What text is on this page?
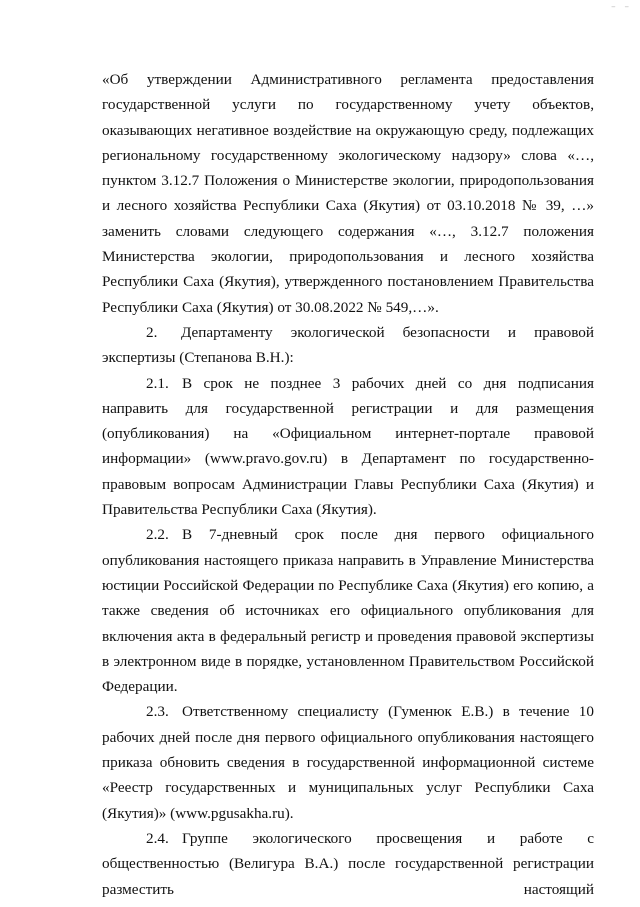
– –

«Об утверждении Административного регламента предоставления государственной услуги по государственному учету объектов, оказывающих негативное воздействие на окружающую среду, подлежащих региональному государственному экологическому надзору» слова «…, пунктом 3.12.7 Положения о Министерстве экологии, природопользования и лесного хозяйства Республики Саха (Якутия) от 03.10.2018 № 39, …» заменить словами следующего содержания «…, 3.12.7 положения Министерства экологии, природопользования и лесного хозяйства Республики Саха (Якутия), утвержденного постановлением Правительства Республики Саха (Якутия) от 30.08.2022 № 549,…».

2. Департаменту экологической безопасности и правовой экспертизы (Степанова В.Н.):

2.1. В срок не позднее 3 рабочих дней со дня подписания направить для государственной регистрации и для размещения (опубликования) на «Официальном интернет-портале правовой информации» (www.pravo.gov.ru) в Департамент по государственно-правовым вопросам Администрации Главы Республики Саха (Якутия) и Правительства Республики Саха (Якутия).

2.2. В 7-дневный срок после дня первого официального опубликования настоящего приказа направить в Управление Министерства юстиции Российской Федерации по Республике Саха (Якутия) его копию, а также сведения об источниках его официального опубликования для включения акта в федеральный регистр и проведения правовой экспертизы в электронном виде в порядке, установленном Правительством Российской Федерации.

2.3. Ответственному специалисту (Гуменюк Е.В.) в течение 10 рабочих дней после дня первого официального опубликования настоящего приказа обновить сведения в государственной информационной системе «Реестр государственных и муниципальных услуг Республики Саха (Якутия)» (www.pgusakha.ru).

2.4. Группе экологического просвещения и работе с общественностью (Велигура В.А.) после государственной регистрации разместить настоящий
